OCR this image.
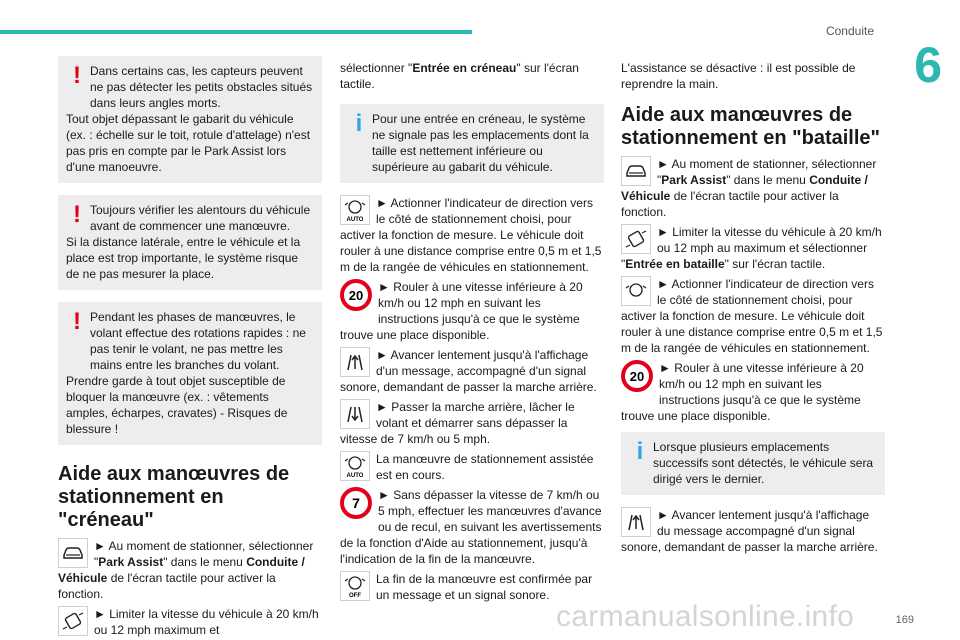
Conduite
6
! Dans certains cas, les capteurs peuvent ne pas détecter les petits obstacles situés dans leurs angles morts.
Tout objet dépassant le gabarit du véhicule (ex. : échelle sur le toit, rotule d'attelage) n'est pas pris en compte par le Park Assist lors d'une manoeuvre.

! Toujours vérifier les alentours du véhicule avant de commencer une manœuvre.
Si la distance latérale, entre le véhicule et la place est trop importante, le système risque de ne pas mesurer la place.

! Pendant les phases de manœuvres, le volant effectue des rotations rapides : ne pas tenir le volant, ne pas mettre les mains entre les branches du volant.
Prendre garde à tout objet susceptible de bloquer la manœuvre (ex. : vêtements amples, écharpes, cravates) - Risques de blessure !

Aide aux manœuvres de
stationnement en "créneau"

► Au moment de stationner, sélectionner "Park Assist" dans le menu Conduite / Véhicule de l'écran tactile pour activer la fonction.

► Limiter la vitesse du véhicule à 20 km/h ou 12 mph maximum et

sélectionner "Entrée en créneau" sur l'écran tactile.

i Pour une entrée en créneau, le système ne signale pas les emplacements dont la taille est nettement inférieure ou supérieure au gabarit du véhicule.

AUTO

► Actionner l'indicateur de direction vers le côté de stationnement choisi, pour activer la fonction de mesure. Le véhicule doit rouler à une distance comprise entre 0,5 m et 1,5 m de la rangée de véhicules en stationnement.

20

► Rouler à une vitesse inférieure à 20 km/h ou 12 mph en suivant les instructions jusqu'à ce que le système trouve une place disponible.

► Avancer lentement jusqu'à l'affichage d'un message, accompagné d'un signal sonore, demandant de passer la marche arrière.

► Passer la marche arrière, lâcher le volant et démarrer sans dépasser la vitesse de 7 km/h ou 5 mph.

AUTO

La manœuvre de stationnement assistée est en cours.

7	► Sans dépasser la vitesse de 7 km/h ou 5 mph, effectuer les manœuvres d'avance ou de recul, en suivant les avertissements de la fonction d'Aide au stationnement, jusqu'à l'indication de la fin de la manœuvre.

OFF

La fin de la manœuvre est confirmée par un message et un signal sonore.

L'assistance se désactive : il est possible de reprendre la main.

Aide aux manœuvres de
stationnement en "bataille"

► Au moment de stationner, sélectionner "Park Assist" dans le menu Conduite / Véhicule de l'écran tactile pour activer la fonction.

► Limiter la vitesse du véhicule à 20 km/h ou 12 mph au maximum et sélectionner "Entrée en bataille" sur l'écran tactile.

► Actionner l'indicateur de direction vers le côté de stationnement choisi, pour activer la fonction de mesure. Le véhicule doit rouler à une distance comprise entre 0,5 m et 1,5 m de la rangée de véhicules en stationnement.

20

► Rouler à une vitesse inférieure à 20 km/h ou 12 mph en suivant les instructions jusqu'à ce que le système trouve une place disponible.

i Lorsque plusieurs emplacements successifs sont détectés, le véhicule sera dirigé vers le dernier.

► Avancer lentement jusqu'à l'affichage du message accompagné d'un signal sonore, demandant de passer la marche arrière.

carmanualsonline.info	169
